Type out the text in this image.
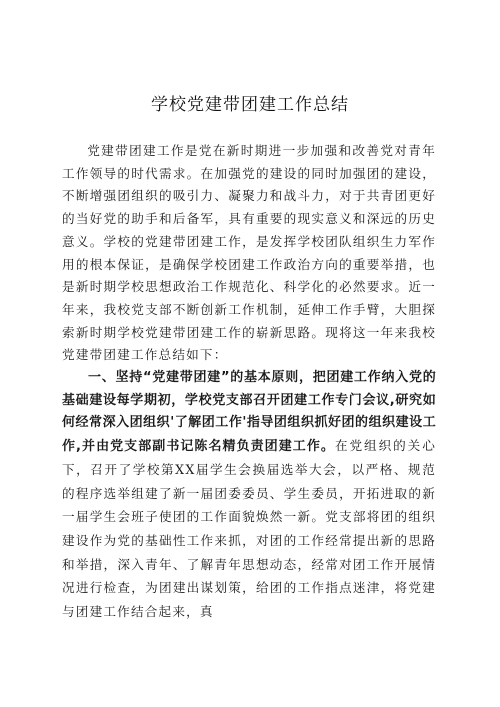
学校党建带团建工作总结

党建带团建工作是党在新时期进一步加强和改善党对青年工作领导的时代需求。在加强党的建设的同时加强团的建设，不断增强团组织的吸引力、凝聚力和战斗力，对于共青团更好的当好党的助手和后备军，具有重要的现实意义和深远的历史意义。学校的党建带团建工作，是发挥学校团队组织生力军作用的根本保证，是确保学校团建工作政治方向的重要举措，也是新时期学校思想政治工作规范化、科学化的必然要求。近一年来，我校党支部不断创新工作机制，延伸工作手臂，大胆探索新时期学校党建带团建工作的崭新思路。现将这一年来我校党建带团建工作总结如下：

一、坚持“党建带团建”的基本原则，把团建工作纳入党的基础建设每学期初，学校党支部召开团建工作专门会议,研究如何经常深入团组织'了解团工作'指导团组织抓好团的组织建设工作,并由党支部副书记陈名精负责团建工作。在党组织的关心下，召开了学校第XX届学生会换届选举大会，以严格、规范的程序选举组建了新一届团委委员、学生委员，开拓进取的新一届学生会班子使团的工作面貌焕然一新。党支部将团的组织建设作为党的基础性工作来抓，对团的工作经常提出新的思路和举措，深入青年、了解青年思想动态，经常对团工作开展情况进行检查，为团建出谋划策，给团的工作指点迷津，将党建与团建工作结合起来，真
